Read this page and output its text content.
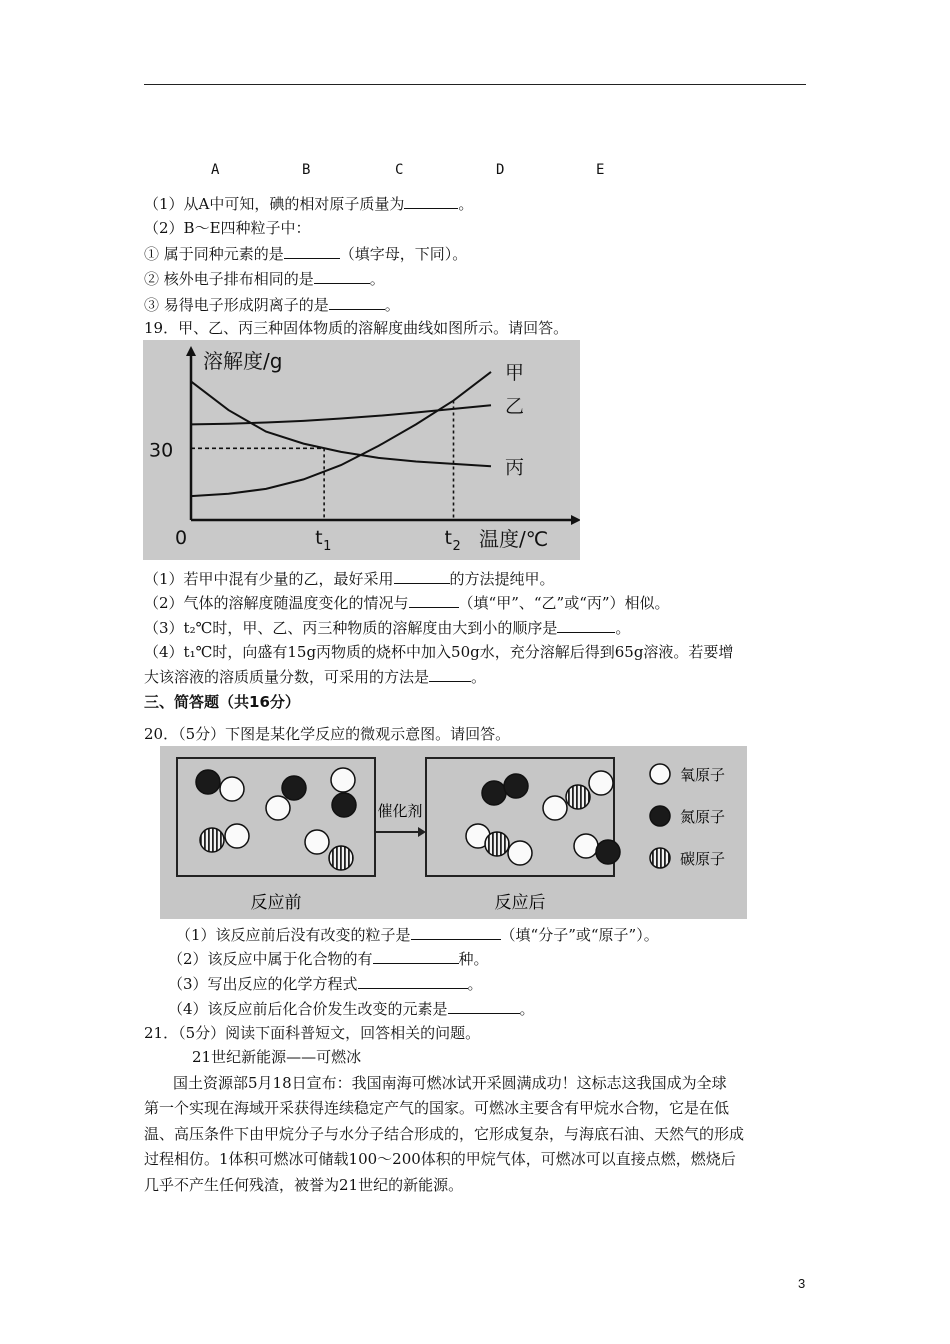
A	B	C	D	E
（1）从A中可知，碘的相对原子质量为	。
（2）B～E四种粒子中：
① 属于同种元素的是	（填字母，下同）。
② 核外电子排布相同的是	。
③ 易得电子形成阴离子的是	。
19．甲、乙、丙三种固体物质的溶解度曲线如图所示。请回答。
溶解度/g
温度/℃
0
30
甲
乙
丙
t 1	t 2
（1）若甲中混有少量的乙，最好采用	的方法提纯甲。
（2）气体的溶解度随温度变化的情况与	（填“甲”、“乙”或“丙”）相似。
（3）t₂℃时，甲、乙、丙三种物质的溶解度由大到小的顺序是	。
（4）t₁℃时，向盛有15g丙物质的烧杯中加入50g水，充分溶解后得到65g溶液。若要增
大该溶液的溶质质量分数，可采用的方法是	。
三、简答题（共16分）
20．（5分）下图是某化学反应的微观示意图。请回答。
催化剂
氧原子
氮原子
碳原子
反应前	反应后
（1）该反应前后没有改变的粒子是	（填“分子”或“原子”）。
（2）该反应中属于化合物的有	种。
（3）写出反应的化学方程式	。
（4）该反应前后化合价发生改变的元素是	。
21．（5分）阅读下面科普短文，回答相关的问题。
21世纪新能源——可燃冰
国土资源部5月18日宣布：我国南海可燃冰试开采圆满成功！这标志这我国成为全球
第一个实现在海域开采获得连续稳定产气的国家。可燃冰主要含有甲烷水合物，它是在低
温、高压条件下由甲烷分子与水分子结合形成的，它形成复杂，与海底石油、天然气的形成
过程相仿。1体积可燃冰可储载100～200体积的甲烷气体，可燃冰可以直接点燃，燃烧后
几乎不产生任何残渣，被誉为21世纪的新能源。
3
